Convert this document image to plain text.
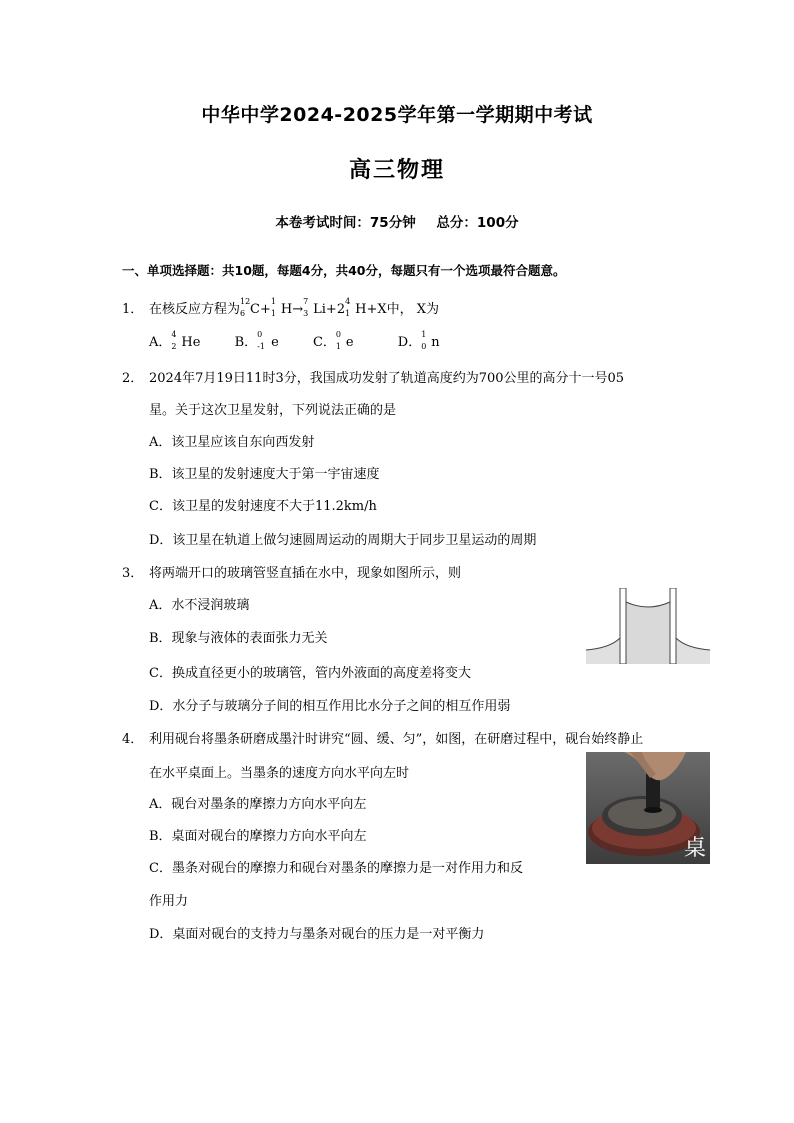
中华中学2024-2025学年第一学期期中考试
高三物理
本卷考试时间：75分钟 总分：100分
一、单项选择题：共10题，每题4分，共40分，每题只有一个选项最符合题意。
1． 在核反应方程为
12
6 C+
1
1 H→
7
3 Li+2
4
1 H+X中， X为
A．
4
2 He	B．
0
-1 e	C．
0
1 e	D．
1
0 n
2． 2024年7月19日11时3分，我国成功发射了轨道高度约为700公里的高分十一号05
星。关于这次卫星发射，下列说法正确的是
A．该卫星应该自东向西发射
B．该卫星的发射速度大于第一宇宙速度
C．该卫星的发射速度不大于11.2km/h
D．该卫星在轨道上做匀速圆周运动的周期大于同步卫星运动的周期
3． 将两端开口的玻璃管竖直插在水中，现象如图所示，则
A．水不浸润玻璃
B．现象与液体的表面张力无关
C．换成直径更小的玻璃管，管内外液面的高度差将变大
D．水分子与玻璃分子间的相互作用比水分子之间的相互作用弱
4． 利用砚台将墨条研磨成墨汁时讲究“圆、缓、匀”，如图，在研磨过程中，砚台始终静止
在水平桌面上。当墨条的速度方向水平向左时
A．砚台对墨条的摩擦力方向水平向左
B．桌面对砚台的摩擦力方向水平向左
C．墨条对砚台的摩擦力和砚台对墨条的摩擦力是一对作用力和反
作用力
D．桌面对砚台的支持力与墨条对砚台的压力是一对平衡力
桌
